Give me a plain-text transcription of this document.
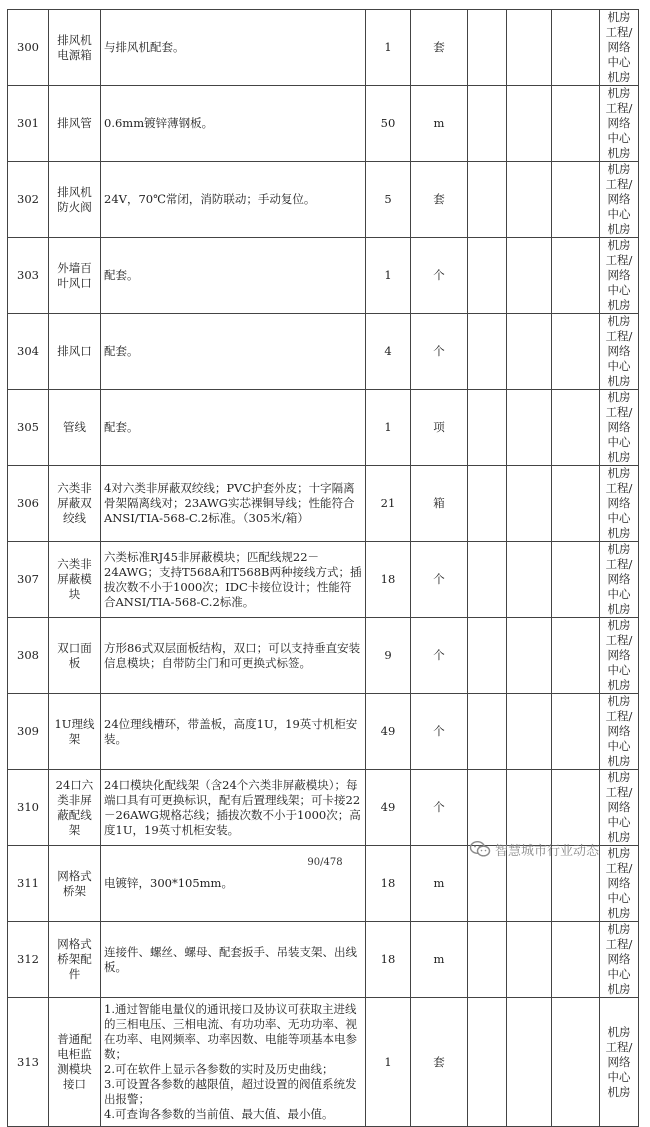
300	排风机电源箱	与排风机配套。	1	套				机房工程/网络中心机房
301	排风管	0.6mm镀锌薄钢板。	50	m				机房工程/网络中心机房
302	排风机防火阀	24V，70℃常闭，消防联动；手动复位。	5	套				机房工程/网络中心机房
303	外墙百叶风口	配套。	1	个				机房工程/网络中心机房
304	排风口	配套。	4	个				机房工程/网络中心机房
305	管线	配套。	1	项				机房工程/网络中心机房
306	六类非屏蔽双绞线	4对六类非屏蔽双绞线；PVC护套外皮；十字隔离骨架隔离线对；23AWG实芯裸铜导线；性能符合ANSI/TIA-568-C.2标准。（305米/箱）	21	箱				机房工程/网络中心机房
307	六类非屏蔽模块	六类标准RJ45非屏蔽模块；匹配线规22－24AWG；支持T568A和T568B两种接线方式；插拔次数不小于1000次；IDC卡接位设计；性能符合ANSI/TIA-568-C.2标准。	18	个				机房工程/网络中心机房
308	双口面板	方形86式双层面板结构，双口；可以支持垂直安装信息模块；自带防尘门和可更换式标签。	9	个				机房工程/网络中心机房
309	1U理线架	24位理线槽环，带盖板，高度1U，19英寸机柜安装。	49	个				机房工程/网络中心机房
310	24口六类非屏蔽配线架	24口模块化配线架（含24个六类非屏蔽模块）；每端口具有可更换标识，配有后置理线架；可卡接22－26AWG规格芯线；插拔次数不小于1000次；高度1U，19英寸机柜安装。	49	个				机房工程/网络中心机房
311	网格式桥架	电镀锌，300*105mm。	18	m				机房工程/网络中心机房
312	网格式桥架配件	连接件、螺丝、螺母、配套扳手、吊装支架、出线板。	18	m				机房工程/网络中心机房
313	普通配电柜监测模块接口	1.通过智能电量仪的通讯接口及协议可获取主进线的三相电压、三相电流、有功功率、无功功率、视在功率、电网频率、功率因数、电能等项基本电参数；
2.可在软件上显示各参数的实时及历史曲线；
3.可设置各参数的越限值，超过设置的阀值系统发出报警；
4.可查询各参数的当前值、最大值、最小值。	1	套				机房工程/网络中心机房
智慧城市行业动态
90/478
